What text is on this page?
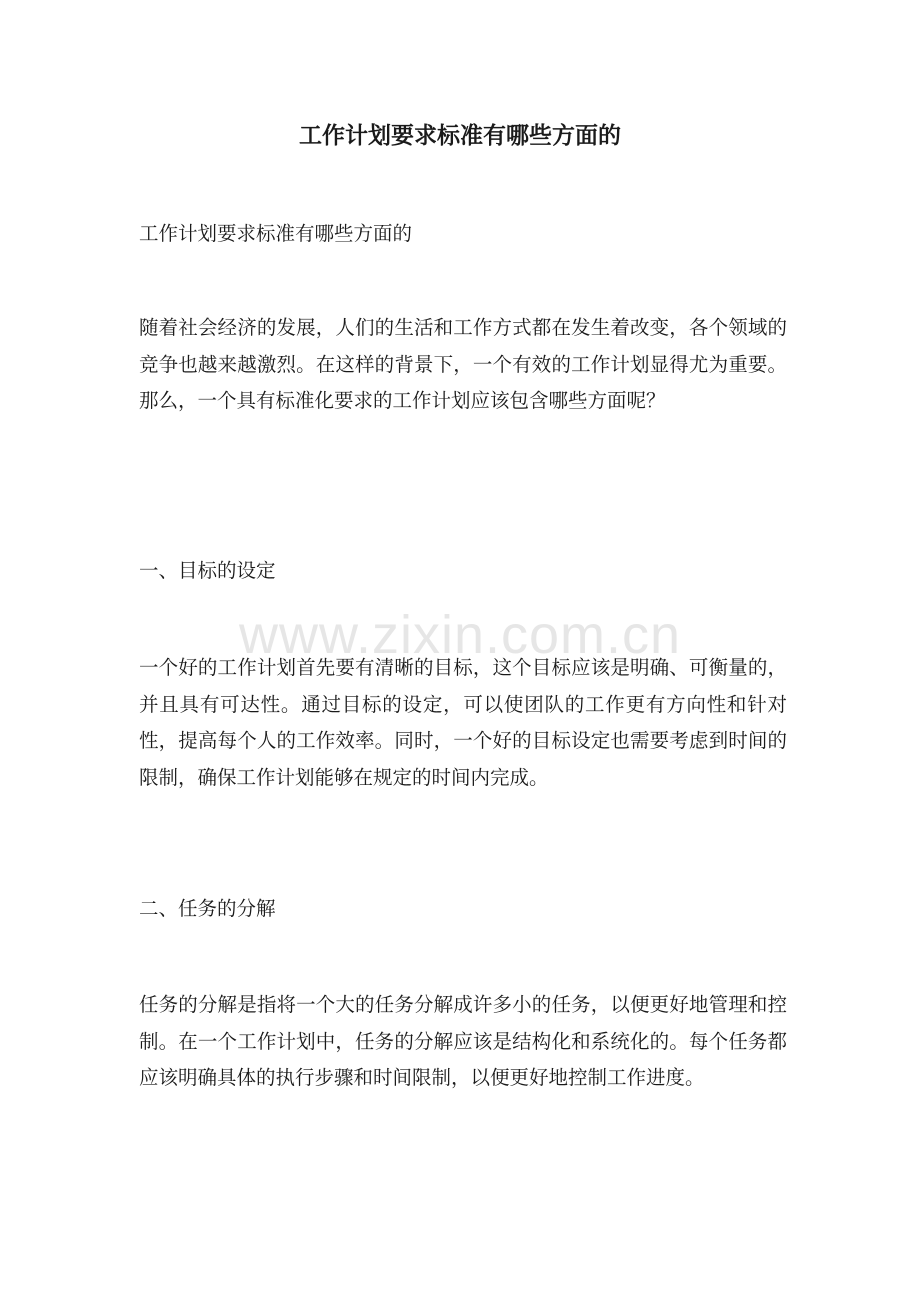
工作计划要求标准有哪些方面的

工作计划要求标准有哪些方面的

随着社会经济的发展，人们的生活和工作方式都在发生着改变，各个领域的竞争也越来越激烈。在这样的背景下，一个有效的工作计划显得尤为重要。那么，一个具有标准化要求的工作计划应该包含哪些方面呢？

一、目标的设定

一个好的工作计划首先要有清晰的目标，这个目标应该是明确、可衡量的，并且具有可达性。通过目标的设定，可以使团队的工作更有方向性和针对性，提高每个人的工作效率。同时，一个好的目标设定也需要考虑到时间的限制，确保工作计划能够在规定的时间内完成。

二、任务的分解

任务的分解是指将一个大的任务分解成许多小的任务，以便更好地管理和控制。在一个工作计划中，任务的分解应该是结构化和系统化的。每个任务都应该明确具体的执行步骤和时间限制，以便更好地控制工作进度。

www.zixin.com.cn
